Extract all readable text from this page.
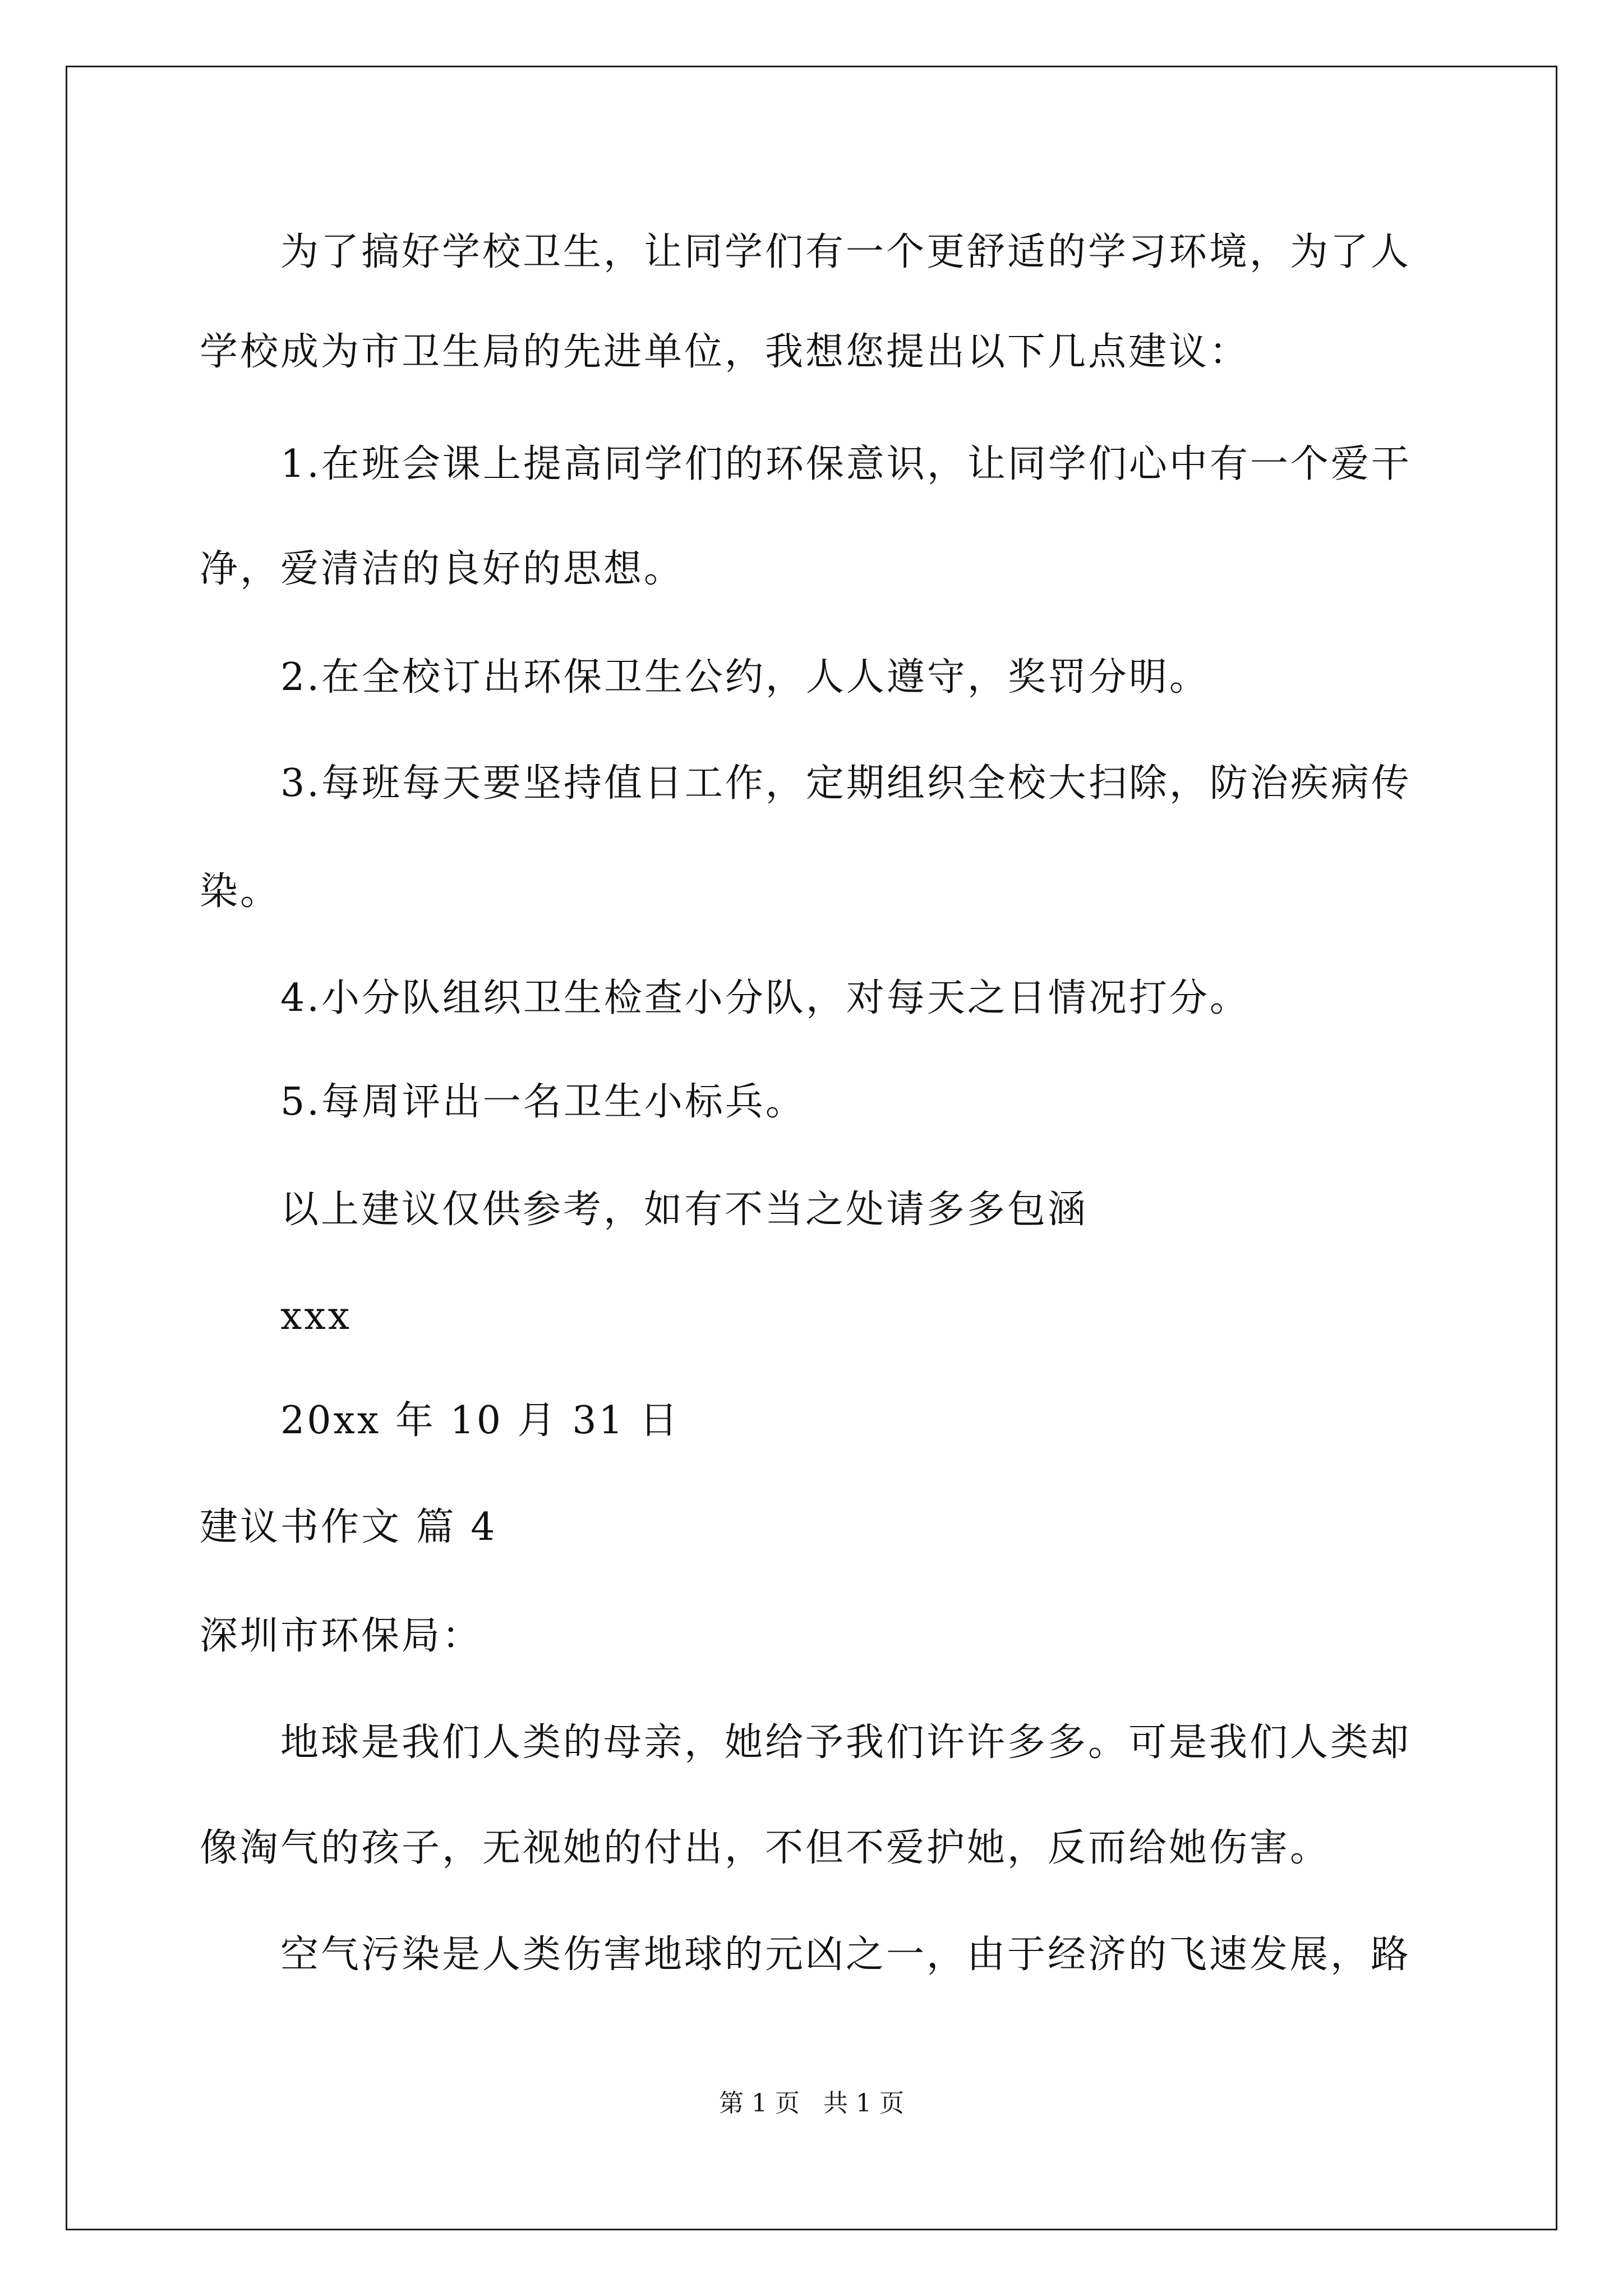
为了搞好学校卫生，让同学们有一个更舒适的学习环境，为了人
学校成为市卫生局的先进单位，我想您提出以下几点建议：
1.在班会课上提高同学们的环保意识，让同学们心中有一个爱干
净，爱清洁的良好的思想。
2.在全校订出环保卫生公约，人人遵守，奖罚分明。
3.每班每天要坚持值日工作，定期组织全校大扫除，防治疾病传
染。
4.小分队组织卫生检查小分队，对每天之日情况打分。
5.每周评出一名卫生小标兵。
以上建议仅供参考，如有不当之处请多多包涵
xxx
20xx 年 10 月 31 日
建议书作文 篇 4
深圳市环保局：
地球是我们人类的母亲，她给予我们许许多多。可是我们人类却
像淘气的孩子，无视她的付出，不但不爱护她，反而给她伤害。
空气污染是人类伤害地球的元凶之一，由于经济的飞速发展，路
第 1 页 共 1 页
